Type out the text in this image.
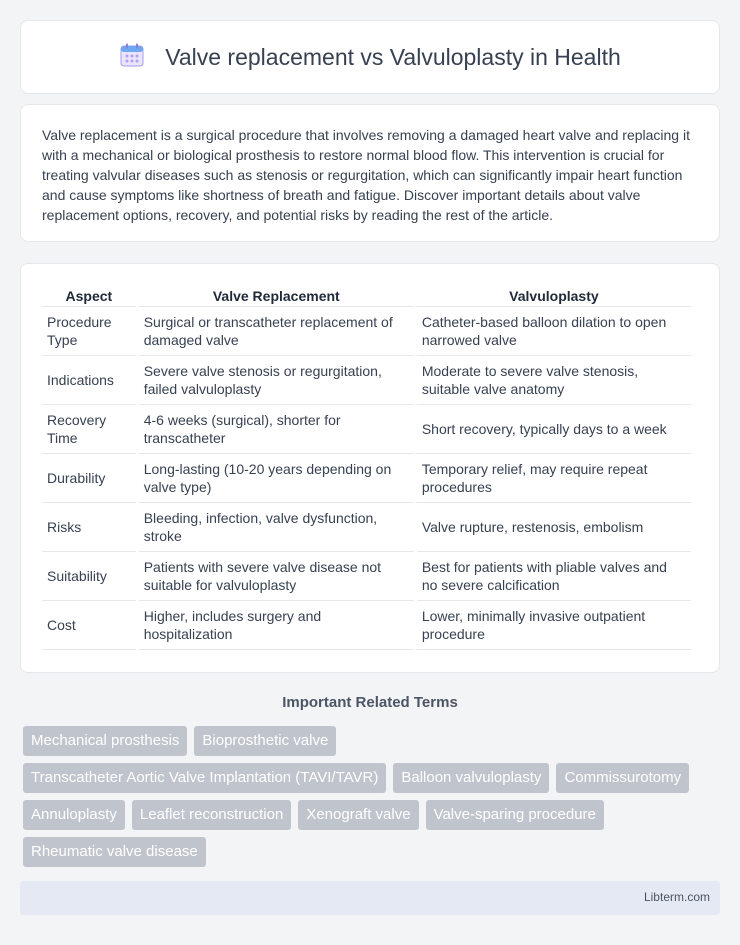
Valve replacement vs Valvuloplasty in Health

Valve replacement is a surgical procedure that involves removing a damaged heart valve and replacing it with a mechanical or biological prosthesis to restore normal blood flow. This intervention is crucial for treating valvular diseases such as stenosis or regurgitation, which can significantly impair heart function and cause symptoms like shortness of breath and fatigue. Discover important details about valve replacement options, recovery, and potential risks by reading the rest of the article.

Aspect	Valve Replacement	Valvuloplasty
Procedure Type	Surgical or transcatheter replacement of damaged valve	Catheter-based balloon dilation to open narrowed valve
Indications	Severe valve stenosis or regurgitation, failed valvuloplasty	Moderate to severe valve stenosis, suitable valve anatomy
Recovery Time	4-6 weeks (surgical), shorter for transcatheter	Short recovery, typically days to a week
Durability	Long-lasting (10-20 years depending on valve type)	Temporary relief, may require repeat procedures
Risks	Bleeding, infection, valve dysfunction, stroke	Valve rupture, restenosis, embolism
Suitability	Patients with severe valve disease not suitable for valvuloplasty	Best for patients with pliable valves and no severe calcification
Cost	Higher, includes surgery and hospitalization	Lower, minimally invasive outpatient procedure
Important Related Terms
Mechanical prosthesis	Bioprosthetic valve
Transcatheter Aortic Valve Implantation (TAVI/TAVR)	Balloon valvuloplasty	Commissurotomy
Annuloplasty	Leaflet reconstruction	Xenograft valve	Valve-sparing procedure
Rheumatic valve disease
Libterm.com
